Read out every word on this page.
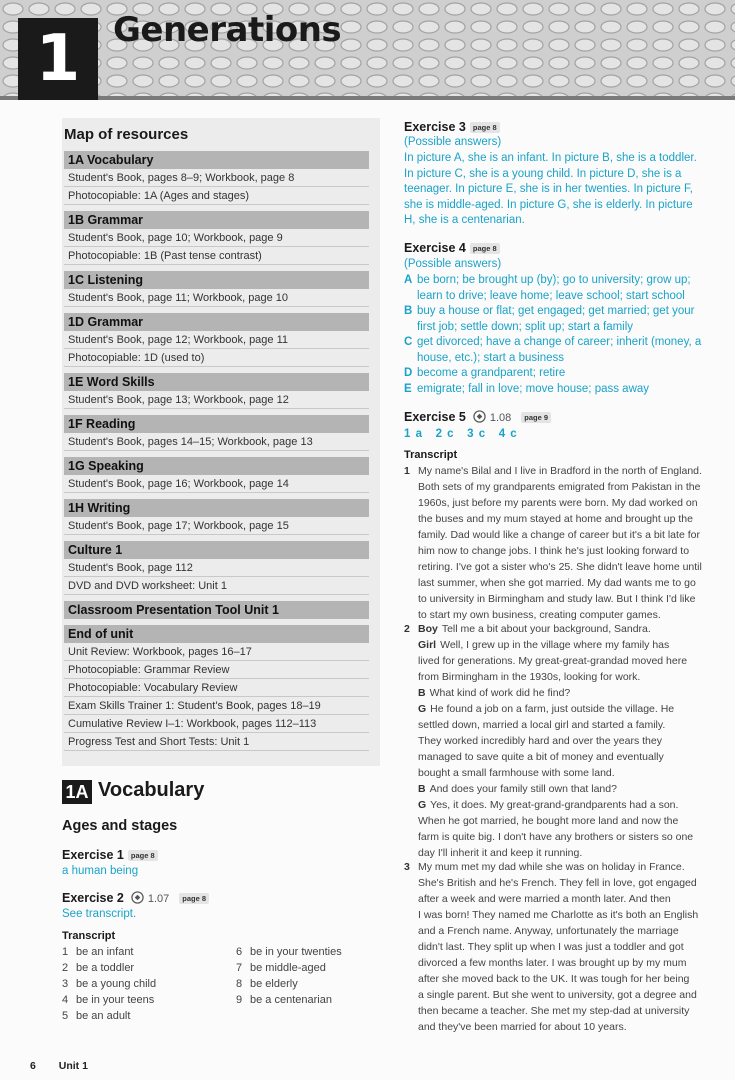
1 Generations
Map of resources
1A Vocabulary
Student's Book, pages 8–9; Workbook, page 8
Photocopiable: 1A (Ages and stages)
1B Grammar
Student's Book, page 10; Workbook, page 9
Photocopiable: 1B (Past tense contrast)
1C Listening
Student's Book, page 11; Workbook, page 10
1D Grammar
Student's Book, page 12; Workbook, page 11
Photocopiable: 1D (used to)
1E Word Skills
Student's Book, page 13; Workbook, page 12
1F Reading
Student's Book, pages 14–15; Workbook, page 13
1G Speaking
Student's Book, page 16; Workbook, page 14
1H Writing
Student's Book, page 17; Workbook, page 15
Culture 1
Student's Book, page 112
DVD and DVD worksheet: Unit 1
Classroom Presentation Tool Unit 1
End of unit
Unit Review: Workbook, pages 16–17
Photocopiable: Grammar Review
Photocopiable: Vocabulary Review
Exam Skills Trainer 1: Student's Book, pages 18–19
Cumulative Review I–1: Workbook, pages 112–113
Progress Test and Short Tests: Unit 1
1A Vocabulary
Ages and stages
Exercise 1 page 8
a human being
Exercise 2 1.07 page 8
See transcript.
Transcript
1 be an infant
2 be a toddler
3 be a young child
4 be in your teens
5 be an adult
6 be in your twenties
7 be middle-aged
8 be elderly
9 be a centenarian
Exercise 3 page 8
(Possible answers)
In picture A, she is an infant. In picture B, she is a toddler.
In picture C, she is a young child. In picture D, she is a
teenager. In picture E, she is in her twenties. In picture F,
she is middle-aged. In picture G, she is elderly. In picture
H, she is a centenarian.
Exercise 4 page 8
(Possible answers)
A be born; be brought up (by); go to university; grow up;
learn to drive; leave home; leave school; start school
B buy a house or flat; get engaged; get married; get your
first job; settle down; split up; start a family
C get divorced; have a change of career; inherit (money, a
house, etc.); start a business
D become a grandparent; retire
E emigrate; fall in love; move house; pass away
Exercise 5 1.08 page 9
1 a   2 c   3 c   4 c
Transcript
1 My name's Bilal and I live in Bradford in the north of England.
Both sets of my grandparents emigrated from Pakistan in the
1960s, just before my parents were born. My dad worked on
the buses and my mum stayed at home and brought up the
family. Dad would like a change of career but it's a bit late for
him now to change jobs. I think he's just looking forward to
retiring. I've got a sister who's 25. She didn't leave home until
last summer, when she got married. My dad wants me to go
to university in Birmingham and study law. But I think I'd like
to start my own business, creating computer games.
2 Boy Tell me a bit about your background, Sandra.
Girl Well, I grew up in the village where my family has
lived for generations. My great-great-grandad moved here
from Birmingham in the 1930s, looking for work.
B What kind of work did he find?
G He found a job on a farm, just outside the village. He
settled down, married a local girl and started a family.
They worked incredibly hard and over the years they
managed to save quite a bit of money and eventually
bought a small farmhouse with some land.
B And does your family still own that land?
G Yes, it does. My great-grand-grandparents had a son.
When he got married, he bought more land and now the
farm is quite big. I don't have any brothers or sisters so one
day I'll inherit it and keep it running.
3 My mum met my dad while she was on holiday in France.
She's British and he's French. They fell in love, got engaged
after a week and were married a month later. And then
I was born! They named me Charlotte as it's both an English
and a French name. Anyway, unfortunately the marriage
didn't last. They split up when I was just a toddler and got
divorced a few months later. I was brought up by my mum
after she moved back to the UK. It was tough for her being
a single parent. But she went to university, got a degree and
then became a teacher. She met my step-dad at university
and they've been married for about 10 years.
6 Unit 1
